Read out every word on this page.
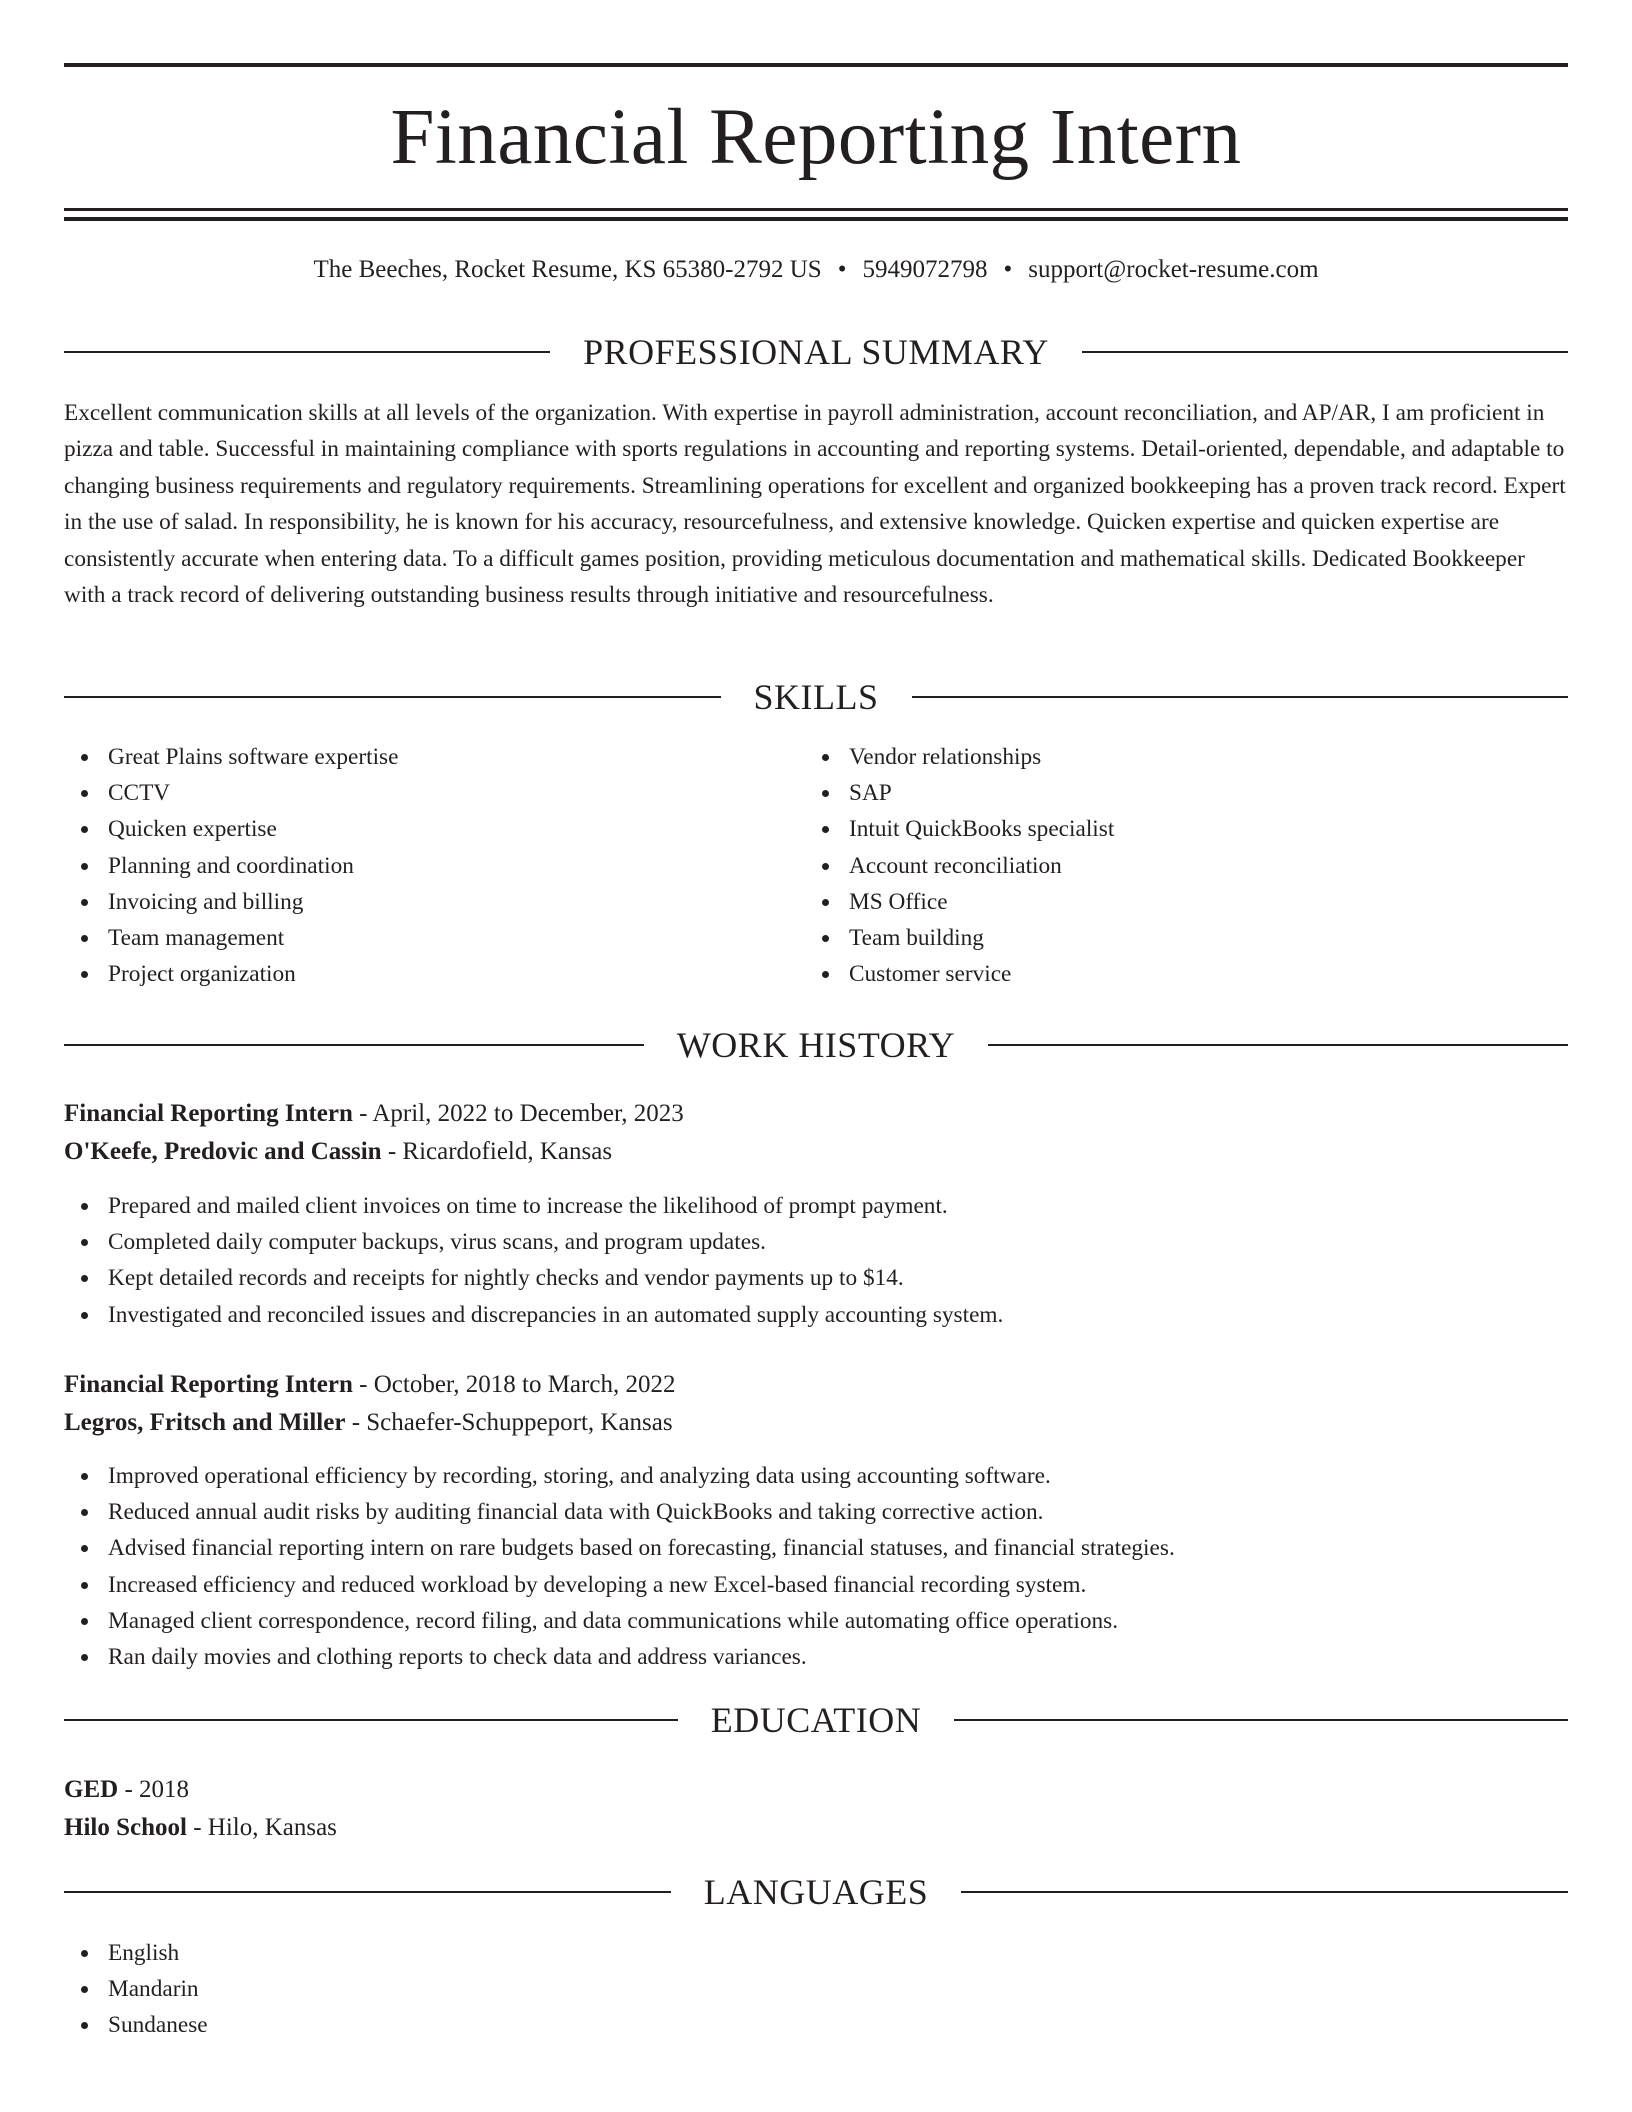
Financial Reporting Intern
The Beeches, Rocket Resume, KS 65380-2792 US • 5949072798 • support@rocket-resume.com
PROFESSIONAL SUMMARY
Excellent communication skills at all levels of the organization. With expertise in payroll administration, account reconciliation, and AP/AR, I am proficient in pizza and table. Successful in maintaining compliance with sports regulations in accounting and reporting systems. Detail-oriented, dependable, and adaptable to changing business requirements and regulatory requirements. Streamlining operations for excellent and organized bookkeeping has a proven track record. Expert in the use of salad. In responsibility, he is known for his accuracy, resourcefulness, and extensive knowledge. Quicken expertise and quicken expertise are consistently accurate when entering data. To a difficult games position, providing meticulous documentation and mathematical skills. Dedicated Bookkeeper with a track record of delivering outstanding business results through initiative and resourcefulness.
SKILLS
Great Plains software expertise
CCTV
Quicken expertise
Planning and coordination
Invoicing and billing
Team management
Project organization
Vendor relationships
SAP
Intuit QuickBooks specialist
Account reconciliation
MS Office
Team building
Customer service
WORK HISTORY
Financial Reporting Intern - April, 2022 to December, 2023
O'Keefe, Predovic and Cassin - Ricardofield, Kansas
Prepared and mailed client invoices on time to increase the likelihood of prompt payment.
Completed daily computer backups, virus scans, and program updates.
Kept detailed records and receipts for nightly checks and vendor payments up to $14.
Investigated and reconciled issues and discrepancies in an automated supply accounting system.
Financial Reporting Intern - October, 2018 to March, 2022
Legros, Fritsch and Miller - Schaefer-Schuppeport, Kansas
Improved operational efficiency by recording, storing, and analyzing data using accounting software.
Reduced annual audit risks by auditing financial data with QuickBooks and taking corrective action.
Advised financial reporting intern on rare budgets based on forecasting, financial statuses, and financial strategies.
Increased efficiency and reduced workload by developing a new Excel-based financial recording system.
Managed client correspondence, record filing, and data communications while automating office operations.
Ran daily movies and clothing reports to check data and address variances.
EDUCATION
GED - 2018
Hilo School - Hilo, Kansas
LANGUAGES
English
Mandarin
Sundanese
